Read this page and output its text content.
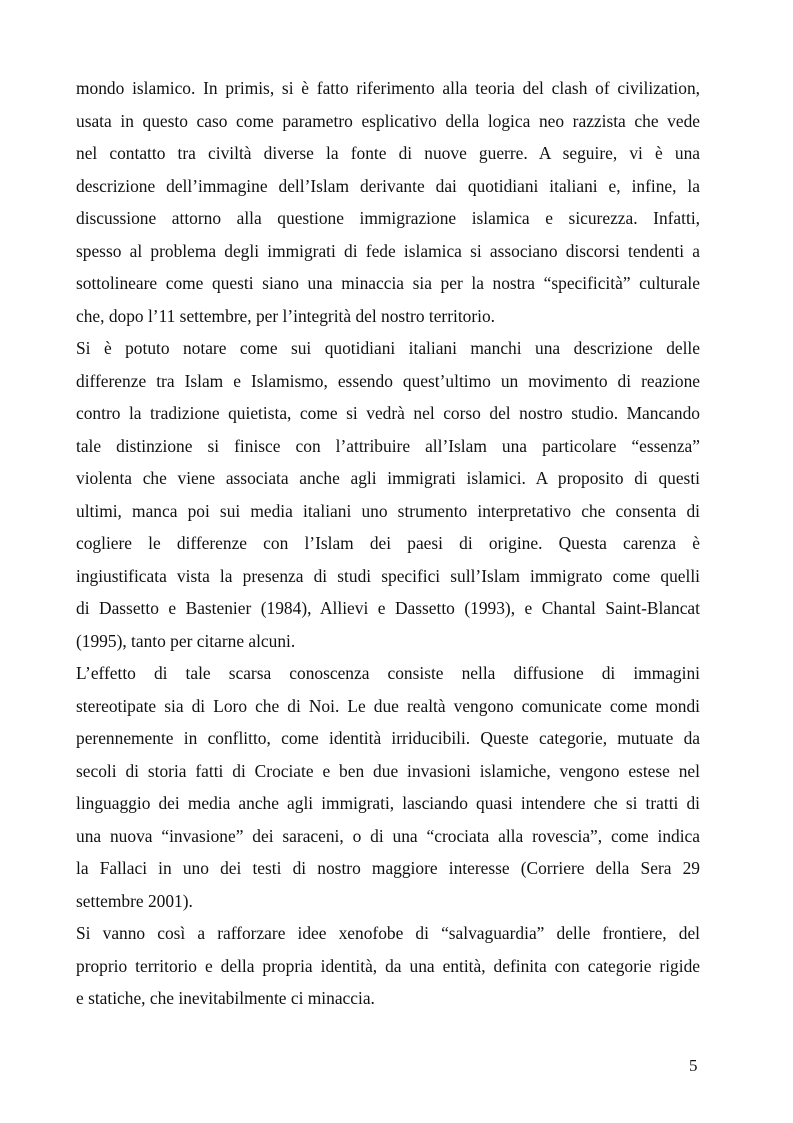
mondo islamico. In primis, si è fatto riferimento alla teoria del clash of civilization,
usata in questo caso come parametro esplicativo della logica neo razzista che vede
nel contatto tra civiltà diverse la fonte di nuove guerre. A seguire, vi è una
descrizione dell’immagine dell’Islam derivante dai quotidiani italiani e, infine, la
discussione attorno alla questione immigrazione islamica e sicurezza. Infatti,
spesso al problema degli immigrati di fede islamica si associano discorsi tendenti a
sottolineare come questi siano una minaccia sia per la nostra “specificità” culturale
che, dopo l’11 settembre, per l’integrità del nostro territorio.
Si è potuto notare come sui quotidiani italiani manchi una descrizione delle
differenze tra Islam e Islamismo, essendo quest’ultimo un movimento di reazione
contro la tradizione quietista, come si vedrà nel corso del nostro studio. Mancando
tale distinzione si finisce con l’attribuire all’Islam una particolare “essenza”
violenta che viene associata anche agli immigrati islamici. A proposito di questi
ultimi, manca poi sui media italiani uno strumento interpretativo che consenta di
cogliere le differenze con l’Islam dei paesi di origine. Questa carenza è
ingiustificata vista la presenza di studi specifici sull’Islam immigrato come quelli
di Dassetto e Bastenier (1984), Allievi e Dassetto (1993), e Chantal Saint-Blancat
(1995), tanto per citarne alcuni.
L’effetto di tale scarsa conoscenza consiste nella diffusione di immagini
stereotipate sia di Loro che di Noi. Le due realtà vengono comunicate come mondi
perennemente in conflitto, come identità irriducibili. Queste categorie, mutuate da
secoli di storia fatti di Crociate e ben due invasioni islamiche, vengono estese nel
linguaggio dei media anche agli immigrati, lasciando quasi intendere che si tratti di
una nuova “invasione” dei saraceni, o di una “crociata alla rovescia”, come indica
la Fallaci in uno dei testi di nostro maggiore interesse (Corriere della Sera 29
settembre 2001).
Si vanno così a rafforzare idee xenofobe di “salvaguardia” delle frontiere, del
proprio territorio e della propria identità, da una entità, definita con categorie rigide
e statiche, che inevitabilmente ci minaccia.
5
